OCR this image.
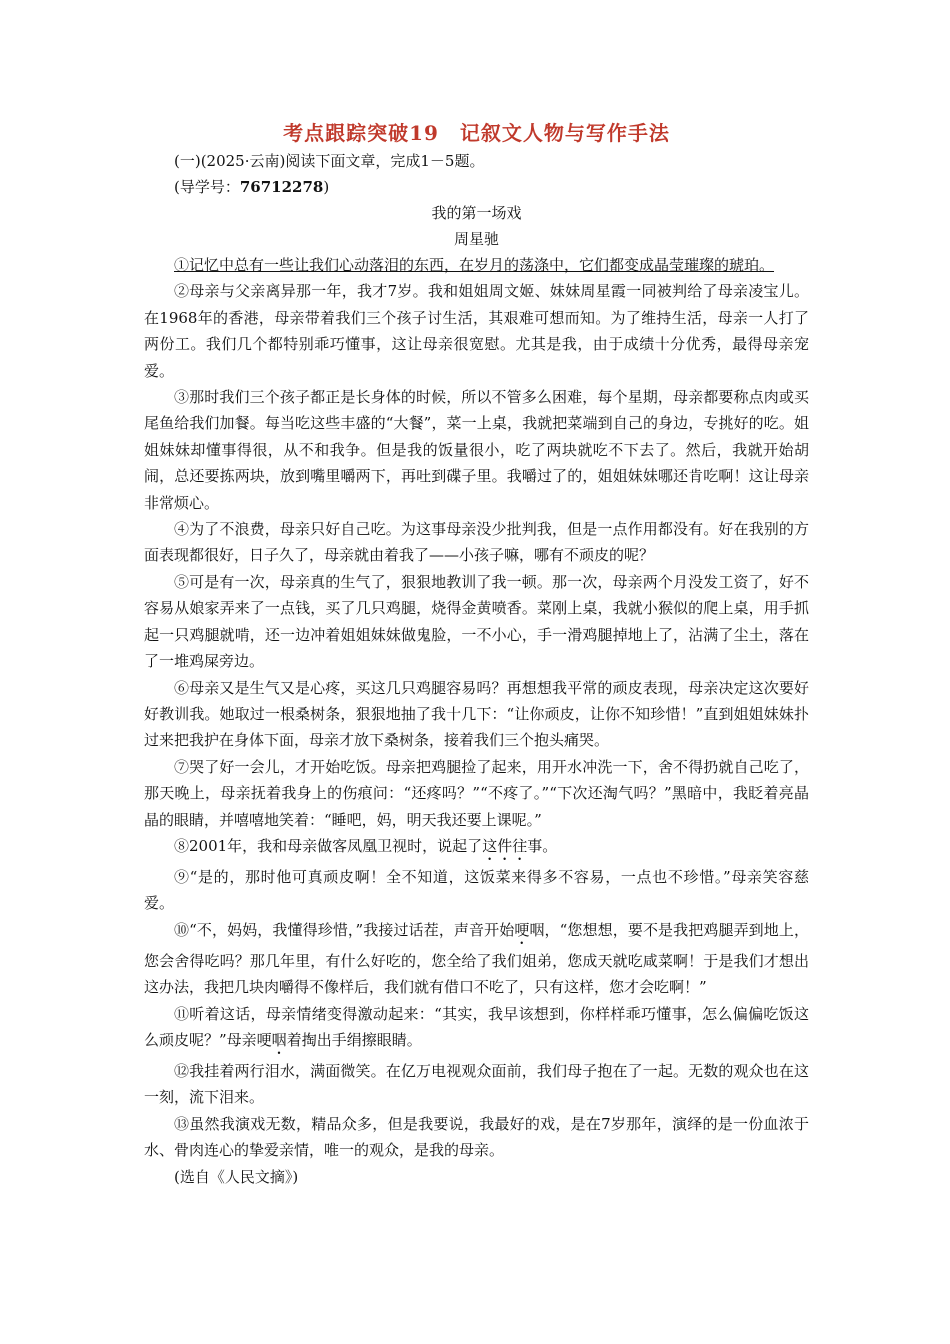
考点跟踪突破19　记叙文人物与写作手法

(一)(2025·云南)阅读下面文章，完成1－5题。

(导学号：76712278)

我的第一场戏

周星驰

①记忆中总有一些让我们心动落泪的东西，在岁月的荡涤中，它们都变成晶莹璀璨的琥珀。

②母亲与父亲离异那一年，我才7岁。我和姐姐周文姬、妹妹周星霞一同被判给了母亲凌宝儿。在1968年的香港，母亲带着我们三个孩子讨生活，其艰难可想而知。为了维持生活，母亲一人打了两份工。我们几个都特别乖巧懂事，这让母亲很宽慰。尤其是我，由于成绩十分优秀，最得母亲宠爱。

③那时我们三个孩子都正是长身体的时候，所以不管多么困难，每个星期，母亲都要称点肉或买尾鱼给我们加餐。每当吃这些丰盛的“大餐”，菜一上桌，我就把菜端到自己的身边，专挑好的吃。姐姐妹妹却懂事得很，从不和我争。但是我的饭量很小，吃了两块就吃不下去了。然后，我就开始胡闹，总还要拣两块，放到嘴里嚼两下，再吐到碟子里。我嚼过了的，姐姐妹妹哪还肯吃啊！这让母亲非常烦心。

④为了不浪费，母亲只好自己吃。为这事母亲没少批判我，但是一点作用都没有。好在我别的方面表现都很好，日子久了，母亲就由着我了——小孩子嘛，哪有不顽皮的呢？

⑤可是有一次，母亲真的生气了，狠狠地教训了我一顿。那一次，母亲两个月没发工资了，好不容易从娘家弄来了一点钱，买了几只鸡腿，烧得金黄喷香。菜刚上桌，我就小猴似的爬上桌，用手抓起一只鸡腿就啃，还一边冲着姐姐妹妹做鬼脸，一不小心，手一滑鸡腿掉地上了，沾满了尘土，落在了一堆鸡屎旁边。

⑥母亲又是生气又是心疼，买这几只鸡腿容易吗？再想想我平常的顽皮表现，母亲决定这次要好好教训我。她取过一根桑树条，狠狠地抽了我十几下：“让你顽皮，让你不知珍惜！”直到姐姐妹妹扑过来把我护在身体下面，母亲才放下桑树条，接着我们三个抱头痛哭。

⑦哭了好一会儿，才开始吃饭。母亲把鸡腿捡了起来，用开水冲洗一下，舍不得扔就自己吃了，那天晚上，母亲抚着我身上的伤痕问：“还疼吗？”“不疼了。”“下次还淘气吗？”黑暗中，我眨着亮晶晶的眼睛，并嘻嘻地笑着：“睡吧，妈，明天我还要上课呢。”

⑧2001年，我和母亲做客凤凰卫视时，说起了这件往事。

⑨“是的，那时他可真顽皮啊！全不知道，这饭菜来得多不容易，一点也不珍惜。”母亲笑容慈爱。

⑩“不，妈妈，我懂得珍惜，”我接过话茬，声音开始哽咽，“您想想，要不是我把鸡腿弄到地上，您会舍得吃吗？那几年里，有什么好吃的，您全给了我们姐弟，您成天就吃咸菜啊！于是我们才想出这办法，我把几块肉嚼得不像样后，我们就有借口不吃了，只有这样，您才会吃啊！”

⑪听着这话，母亲情绪变得激动起来：“其实，我早该想到，你样样乖巧懂事，怎么偏偏吃饭这么顽皮呢？”母亲哽咽着掏出手绢擦眼睛。

⑫我挂着两行泪水，满面微笑。在亿万电视观众面前，我们母子抱在了一起。无数的观众也在这一刻，流下泪来。

⑬虽然我演戏无数，精品众多，但是我要说，我最好的戏，是在7岁那年，演绎的是一份血浓于水、骨肉连心的挚爱亲情，唯一的观众，是我的母亲。

(选自《人民文摘》)
